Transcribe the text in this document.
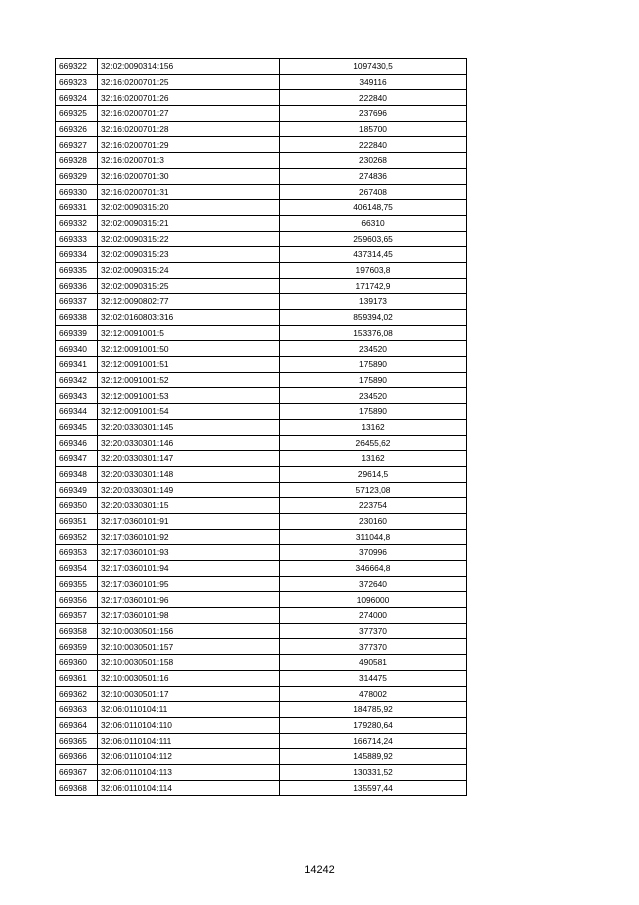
669322	32:02:0090314:156	1097430,5
669323	32:16:0200701:25	349116
669324	32:16:0200701:26	222840
669325	32:16:0200701:27	237696
669326	32:16:0200701:28	185700
669327	32:16:0200701:29	222840
669328	32:16:0200701:3	230268
669329	32:16:0200701:30	274836
669330	32:16:0200701:31	267408
669331	32:02:0090315:20	406148,75
669332	32:02:0090315:21	66310
669333	32:02:0090315:22	259603,65
669334	32:02:0090315:23	437314,45
669335	32:02:0090315:24	197603,8
669336	32:02:0090315:25	171742,9
669337	32:12:0090802:77	139173
669338	32:02:0160803:316	859394,02
669339	32:12:0091001:5	153376,08
669340	32:12:0091001:50	234520
669341	32:12:0091001:51	175890
669342	32:12:0091001:52	175890
669343	32:12:0091001:53	234520
669344	32:12:0091001:54	175890
669345	32:20:0330301:145	13162
669346	32:20:0330301:146	26455,62
669347	32:20:0330301:147	13162
669348	32:20:0330301:148	29614,5
669349	32:20:0330301:149	57123,08
669350	32:20:0330301:15	223754
669351	32:17:0360101:91	230160
669352	32:17:0360101:92	311044,8
669353	32:17:0360101:93	370996
669354	32:17:0360101:94	346664,8
669355	32:17:0360101:95	372640
669356	32:17:0360101:96	1096000
669357	32:17:0360101:98	274000
669358	32:10:0030501:156	377370
669359	32:10:0030501:157	377370
669360	32:10:0030501:158	490581
669361	32:10:0030501:16	314475
669362	32:10:0030501:17	478002
669363	32:06:0110104:11	184785,92
669364	32:06:0110104:110	179280,64
669365	32:06:0110104:111	166714,24
669366	32:06:0110104:112	145889,92
669367	32:06:0110104:113	130331,52
669368	32:06:0110104:114	135597,44
14242
